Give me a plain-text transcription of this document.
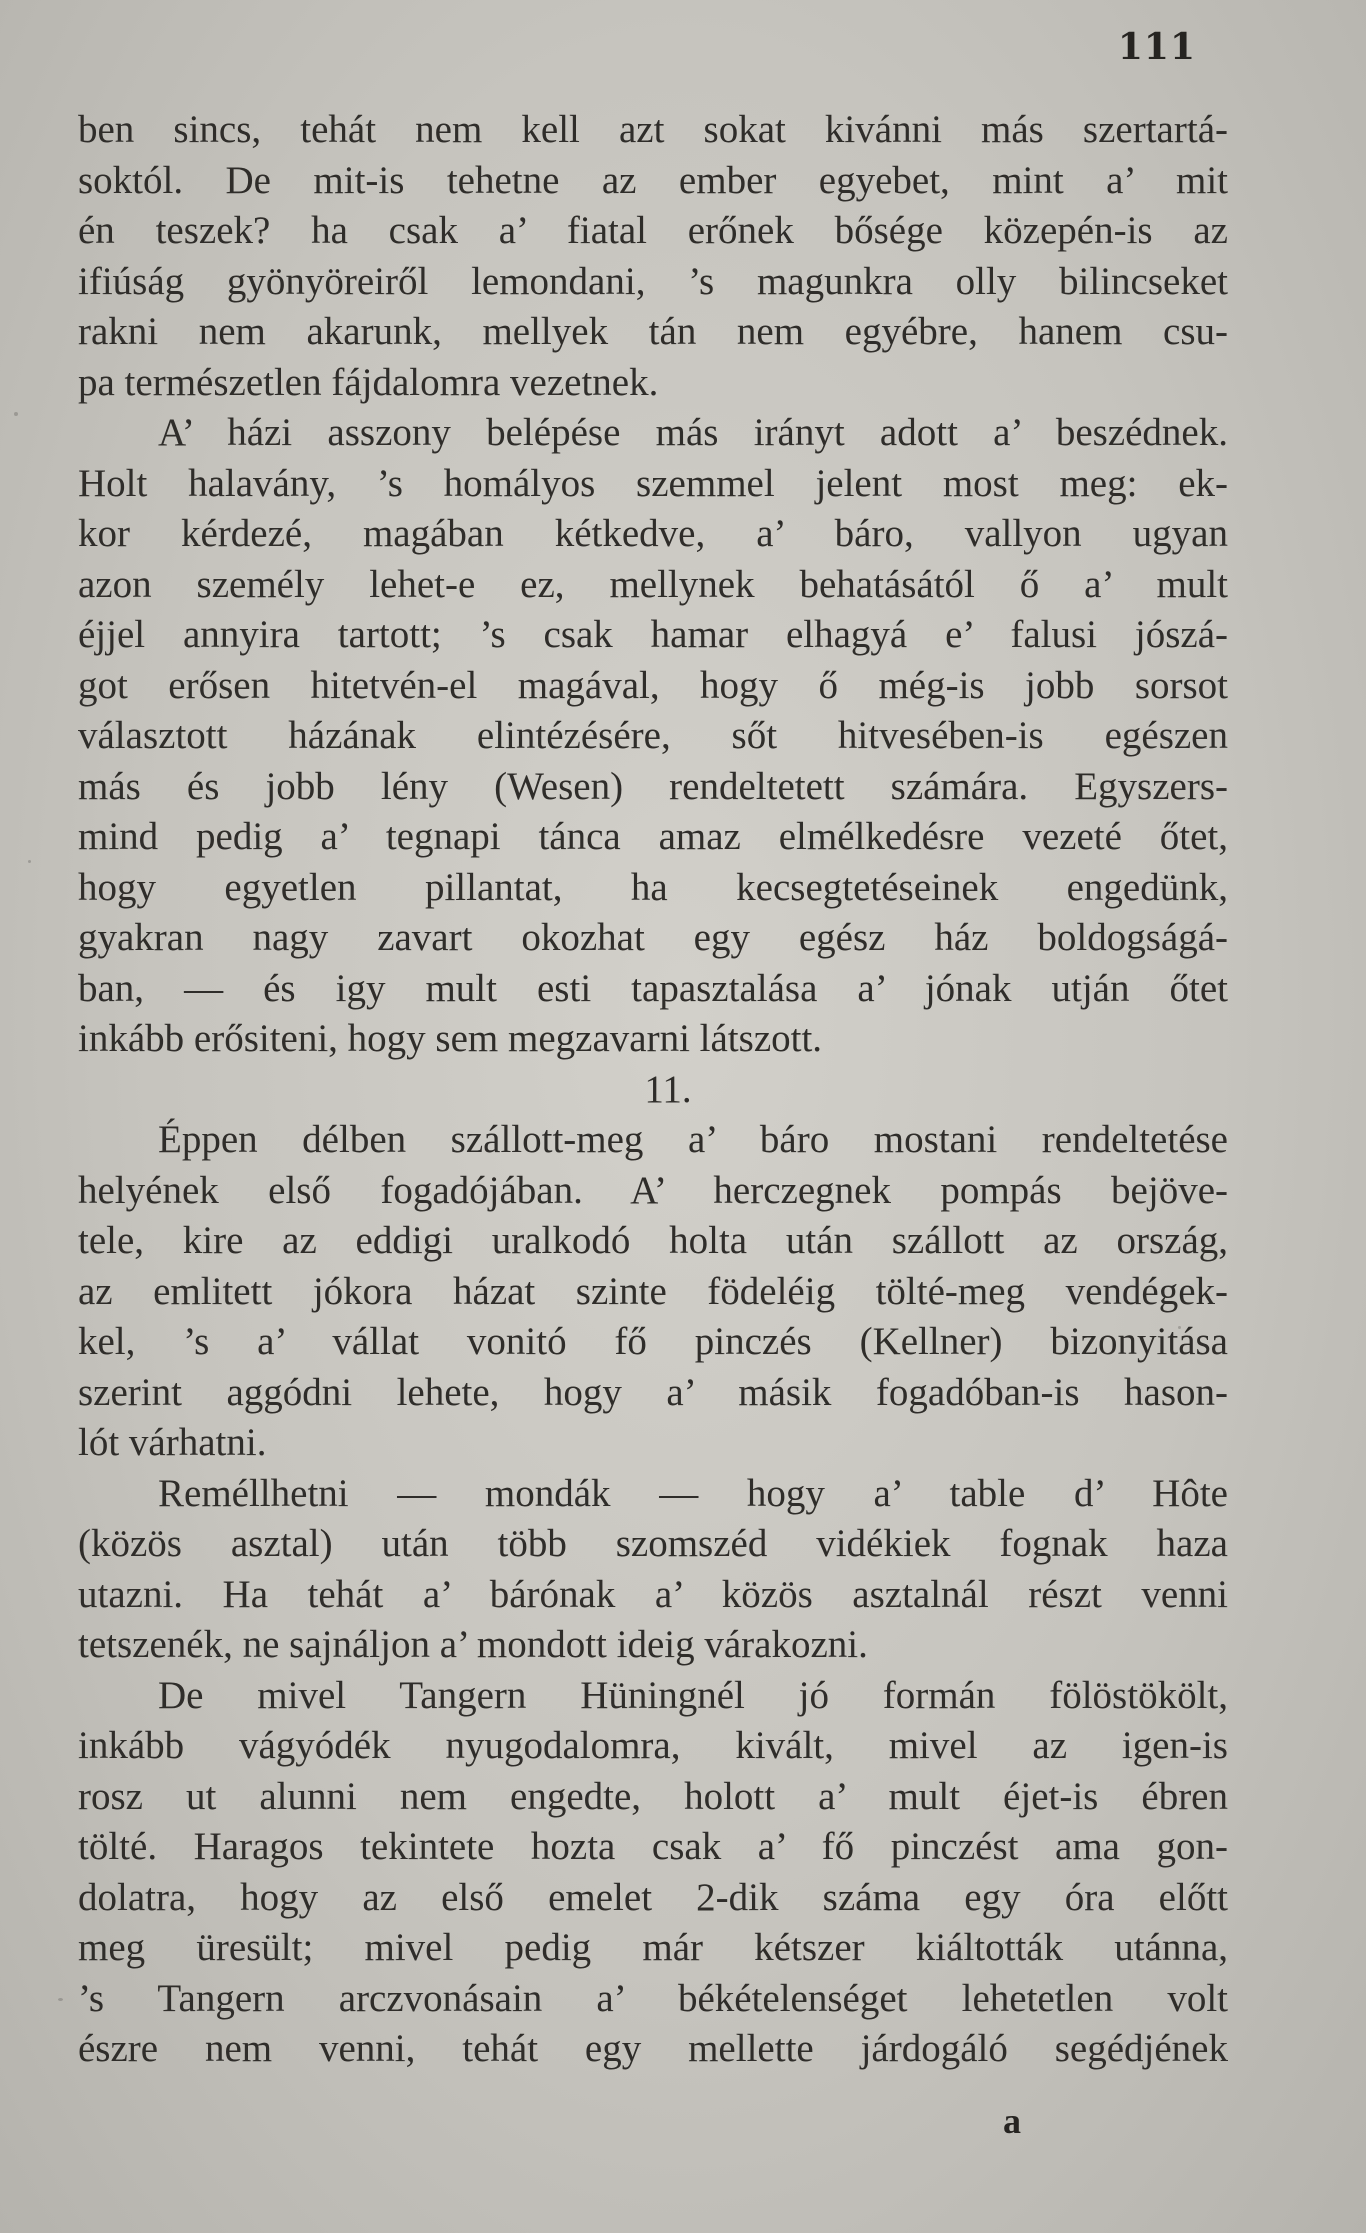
111
ben sincs, tehát nem kell azt sokat kivánni más szertartá-
soktól. De mit-is tehetne az ember egyebet, mint a’ mit
én teszek? ha csak a’ fiatal erőnek bősége közepén-is az
ifiúság gyönyöreiről lemondani, ’s magunkra olly bilincseket
rakni nem akarunk, mellyek tán nem egyébre, hanem csu-
pa természetlen fájdalomra vezetnek.
A’ házi asszony belépése más irányt adott a’ beszédnek.
Holt halavány, ’s homályos szemmel jelent most meg: ek-
kor kérdezé, magában kétkedve, a’ báro, vallyon ugyan
azon személy lehet-e ez, mellynek behatásától ő a’ mult
éjjel annyira tartott; ’s csak hamar elhagyá e’ falusi jószá-
got erősen hitetvén-el magával, hogy ő még-is jobb sorsot
választott házának elintézésére, sőt hitvesében-is egészen
más és jobb lény (Wesen) rendeltetett számára. Egyszers-
mind pedig a’ tegnapi tánca amaz elmélkedésre vezeté őtet,
hogy egyetlen pillantat, ha kecsegtetéseinek engedünk,
gyakran nagy zavart okozhat egy egész ház boldogságá-
ban, — és igy mult esti tapasztalása a’ jónak utján őtet
inkább erősiteni, hogy sem megzavarni látszott.
11.
Éppen délben szállott-meg a’ báro mostani rendeltetése
helyének első fogadójában. A’ herczegnek pompás bejöve-
tele, kire az eddigi uralkodó holta után szállott az ország,
az emlitett jókora házat szinte födeléig tölté-meg vendégek-
kel, ’s a’ vállat vonitó fő pinczés (Kellner) bizonyitása
szerint aggódni lehete, hogy a’ másik fogadóban-is hason-
lót várhatni.
Reméllhetni — mondák — hogy a’ table d’ Hôte
(közös asztal) után több szomszéd vidékiek fognak haza
utazni. Ha tehát a’ bárónak a’ közös asztalnál részt venni
tetszenék, ne sajnáljon a’ mondott ideig várakozni.
De mivel Tangern Hüningnél jó formán fölöstökölt,
inkább vágyódék nyugodalomra, kivált, mivel az igen-is
rosz ut alunni nem engedte, holott a’ mult éjet-is ébren
tölté. Haragos tekintete hozta csak a’ fő pinczést ama gon-
dolatra, hogy az első emelet 2-dik száma egy óra előtt
meg üresült; mivel pedig már kétszer kiáltották utánna,
’s Tangern arczvonásain a’ békételenséget lehetetlen volt
észre nem venni, tehát egy mellette járdogáló segédjének
a
